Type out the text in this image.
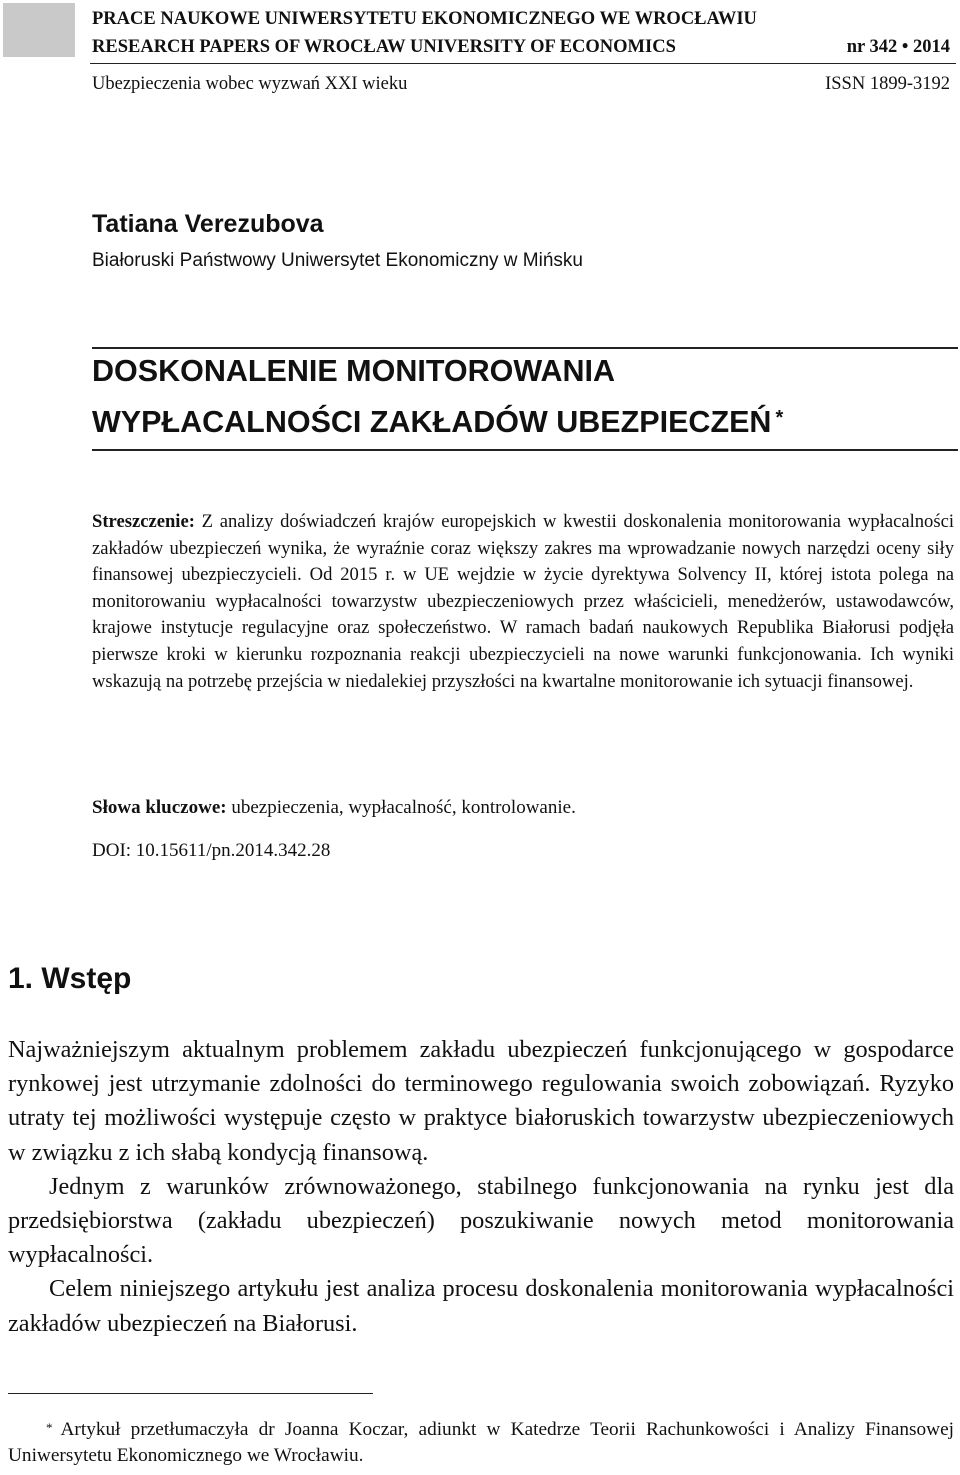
PRACE NAUKOWE UNIWERSYTETU EKONOMICZNEGO WE WROCŁAWIU
RESEARCH PAPERS OF WROCŁAW UNIVERSITY OF ECONOMICS	nr 342 • 2014
Ubezpieczenia wobec wyzwań XXI wieku	ISSN 1899-3192
Tatiana Verezubova
Białoruski Państwowy Uniwersytet Ekonomiczny w Mińsku
DOSKONALENIE MONITOROWANIA
WYPŁACALNOŚCI ZAKŁADÓW UBEZPIECZEŃ *
Streszczenie: Z analizy doświadczeń krajów europejskich w kwestii doskonalenia monitorowania wypłacalności zakładów ubezpieczeń wynika, że wyraźnie coraz większy zakres ma wprowadzanie nowych narzędzi oceny siły finansowej ubezpieczycieli. Od 2015 r. w UE wejdzie w życie dyrektywa Solvency II, której istota polega na monitorowaniu wypłacalności towarzystw ubezpieczeniowych przez właścicieli, menedżerów, ustawodawców, krajowe instytucje regulacyjne oraz społeczeństwo. W ramach badań naukowych Republika Białorusi podjęła pierwsze kroki w kierunku rozpoznania reakcji ubezpieczycieli na nowe warunki funkcjonowania. Ich wyniki wskazują na potrzebę przejścia w niedalekiej przyszłości na kwartalne monitorowanie ich sytuacji finansowej.
Słowa kluczowe: ubezpieczenia, wypłacalność, kontrolowanie.
DOI: 10.15611/pn.2014.342.28
1. Wstęp

Najważniejszym aktualnym problemem zakładu ubezpieczeń funkcjonującego w gospodarce rynkowej jest utrzymanie zdolności do terminowego regulowania swoich zobowiązań. Ryzyko utraty tej możliwości występuje często w praktyce białoruskich towarzystw ubezpieczeniowych w związku z ich słabą kondycją finansową.

Jednym z warunków zrównoważonego, stabilnego funkcjonowania na rynku jest dla przedsiębiorstwa (zakładu ubezpieczeń) poszukiwanie nowych metod monitorowania wypłacalności.

Celem niniejszego artykułu jest analiza procesu doskonalenia monitorowania wypłacalności zakładów ubezpieczeń na Białorusi.

* Artykuł przetłumaczyła dr Joanna Koczar, adiunkt w Katedrze Teorii Rachunkowości i Analizy Finansowej Uniwersytetu Ekonomicznego we Wrocławiu.
